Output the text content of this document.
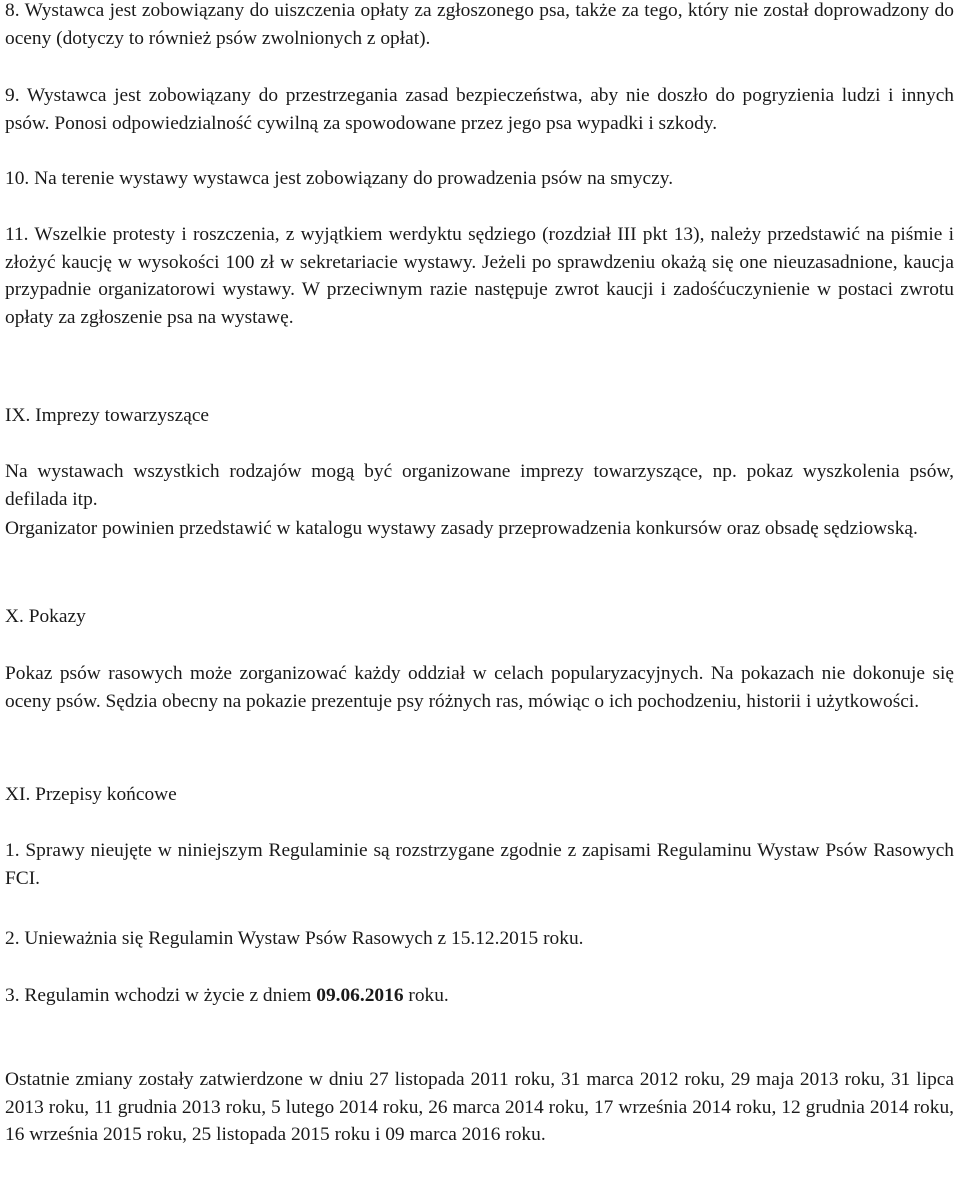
8. Wystawca jest zobowiązany do uiszczenia opłaty za zgłoszonego psa, także za tego, który nie został doprowadzony do oceny (dotyczy to również psów zwolnionych z opłat).

9. Wystawca jest zobowiązany do przestrzegania zasad bezpieczeństwa, aby nie doszło do pogryzienia ludzi i innych psów. Ponosi odpowiedzialność cywilną za spowodowane przez jego psa wypadki i szkody.

10. Na terenie wystawy wystawca jest zobowiązany do prowadzenia psów na smyczy.

11. Wszelkie protesty i roszczenia, z wyjątkiem werdyktu sędziego (rozdział III pkt 13), należy przedstawić na piśmie i złożyć kaucję w wysokości 100 zł w sekretariacie wystawy. Jeżeli po sprawdzeniu okażą się one nieuzasadnione, kaucja przypadnie organizatorowi wystawy. W przeciwnym razie następuje zwrot kaucji i zadośćuczynienie w postaci zwrotu opłaty za zgłoszenie psa na wystawę.

IX. Imprezy towarzyszące

Na wystawach wszystkich rodzajów mogą być organizowane imprezy towarzyszące, np. pokaz wyszkolenia psów, defilada itp.

Organizator powinien przedstawić w katalogu wystawy zasady przeprowadzenia konkursów oraz obsadę sędziowską.

X. Pokazy

Pokaz psów rasowych może zorganizować każdy oddział w celach popularyzacyjnych. Na pokazach nie dokonuje się oceny psów. Sędzia obecny na pokazie prezentuje psy różnych ras, mówiąc o ich pochodzeniu, historii i użytkowości.

XI. Przepisy końcowe

1. Sprawy nieujęte w niniejszym Regulaminie są rozstrzygane zgodnie z zapisami Regulaminu Wystaw Psów Rasowych FCI.

2. Unieważnia się Regulamin Wystaw Psów Rasowych z 15.12.2015 roku.

3. Regulamin wchodzi w życie z dniem 09.06.2016 roku.

Ostatnie zmiany zostały zatwierdzone w dniu 27 listopada 2011 roku, 31 marca 2012 roku, 29 maja 2013 roku, 31 lipca 2013 roku, 11 grudnia 2013 roku, 5 lutego 2014 roku, 26 marca 2014 roku, 17 września 2014 roku, 12 grudnia 2014 roku, 16 września 2015 roku, 25 listopada 2015 roku i 09 marca 2016 roku.
